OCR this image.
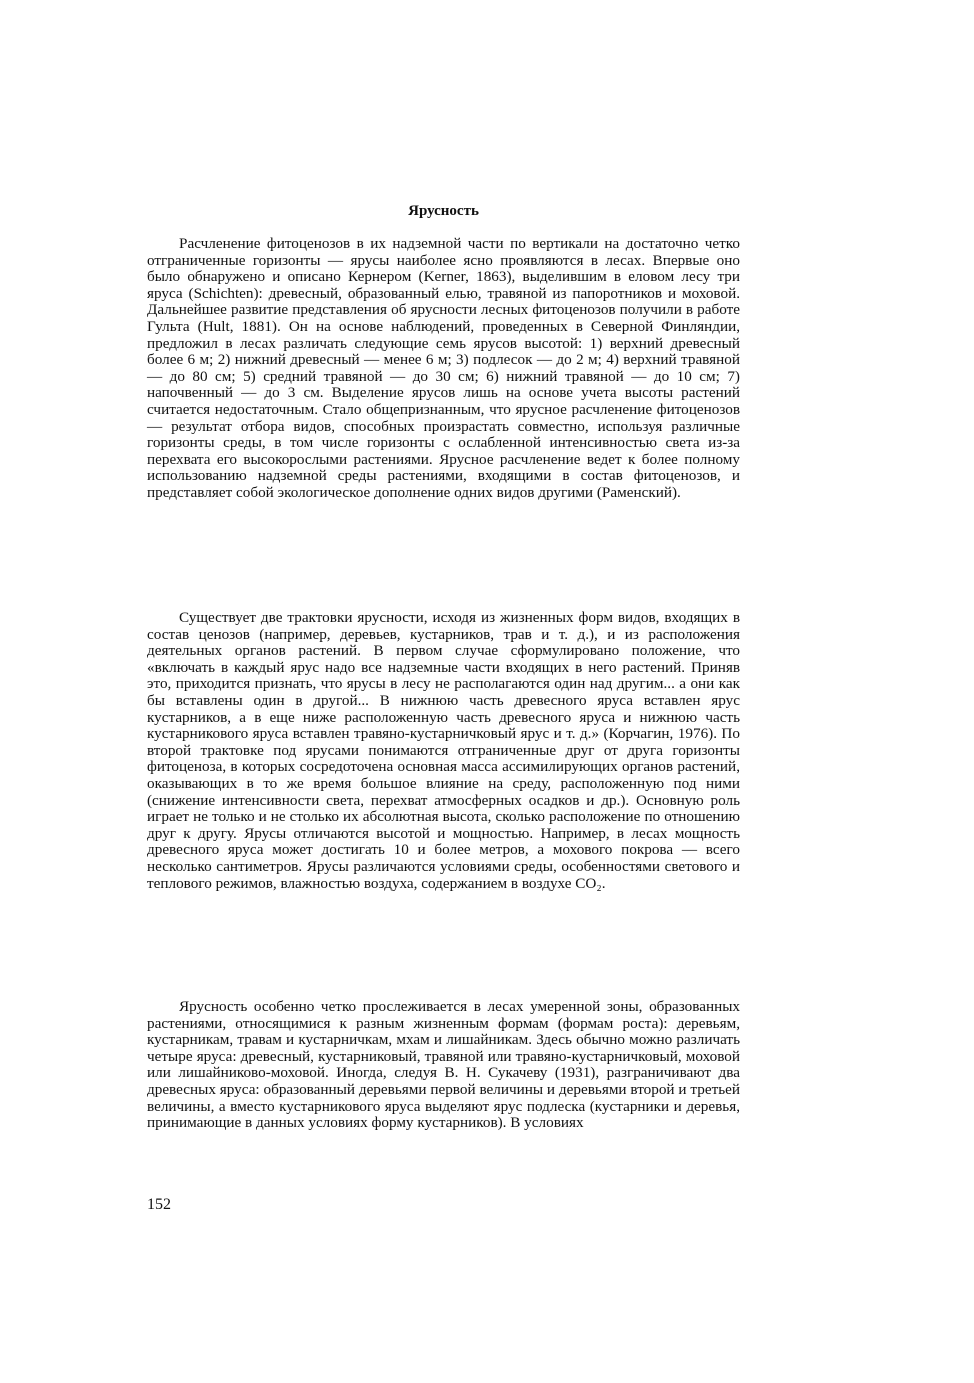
Ярусность

Расчленение фитоценозов в их надземной части по вертикали на достаточно четко отграниченные горизонты — ярусы наиболее ясно проявляются в лесах. Впервые оно было обнаружено и описано Кернером (Kerner, 1863), выделившим в еловом лесу три яруса (Schichten): древесный, образованный елью, травяной из папоротников и моховой. Дальнейшее развитие представления об ярусности лесных фитоценозов получили в работе Гульта (Hult, 1881). Он на основе наблюдений, проведенных в Северной Финляндии, предложил в лесах различать следующие семь ярусов высотой: 1) верхний древесный более 6 м; 2) нижний древесный — менее 6 м; 3) подлесок — до 2 м; 4) верхний травяной — до 80 см; 5) средний травяной — до 30 см; 6) нижний травяной — до 10 см; 7) напочвенный — до 3 см. Выделение ярусов лишь на основе учета высоты растений считается недостаточным. Стало общепризнанным, что ярусное расчленение фитоценозов — результат отбора видов, способных произрастать совместно, используя различные горизонты среды, в том числе горизонты с ослабленной интенсивностью света из-за перехвата его высокорослыми растениями. Ярусное расчленение ведет к более полному использованию надземной среды растениями, входящими в состав фитоценозов, и представляет собой экологическое дополнение одних видов другими (Раменский).

Существует две трактовки ярусности, исходя из жизненных форм видов, входящих в состав ценозов (например, деревьев, кустарников, трав и т. д.), и из расположения деятельных органов растений. В первом случае сформулировано положение, что «включать в каждый ярус надо все надземные части входящих в него растений. Приняв это, приходится признать, что ярусы в лесу не располагаются один над другим... а они как бы вставлены один в другой... В нижнюю часть древесного яруса вставлен ярус кустарников, а в еще ниже расположенную часть древесного яруса и нижнюю часть кустарникового яруса вставлен травяно-кустарничковый ярус и т. д.» (Корчагин, 1976). По второй трактовке под ярусами понимаются отграниченные друг от друга горизонты фитоценоза, в которых сосредоточена основная масса ассимилирующих органов растений, оказывающих в то же время большое влияние на среду, расположенную под ними (снижение интенсивности света, перехват атмосферных осадков и др.). Основную роль играет не только и не столько их абсолютная высота, сколько расположение по отношению друг к другу. Ярусы отличаются высотой и мощностью. Например, в лесах мощность древесного яруса может достигать 10 и более метров, а мохового покрова — всего несколько сантиметров. Ярусы различаются условиями среды, особенностями светового и теплового режимов, влажностью воздуха, содержанием в воздухе CO₂.

Ярусность особенно четко прослеживается в лесах умеренной зоны, образованных растениями, относящимися к разным жизненным формам (формам роста): деревьям, кустарникам, травам и кустарничкам, мхам и лишайникам. Здесь обычно можно различать четыре яруса: древесный, кустарниковый, травяной или травяно-кустарничковый, моховой или лишайниково-моховой. Иногда, следуя В. Н. Сукачеву (1931), разграничивают два древесных яруса: образованный деревьями первой величины и деревьями второй и третьей величины, а вместо кустарникового яруса выделяют ярус подлеска (кустарники и деревья, принимающие в данных условиях форму кустарников). В условиях

152
